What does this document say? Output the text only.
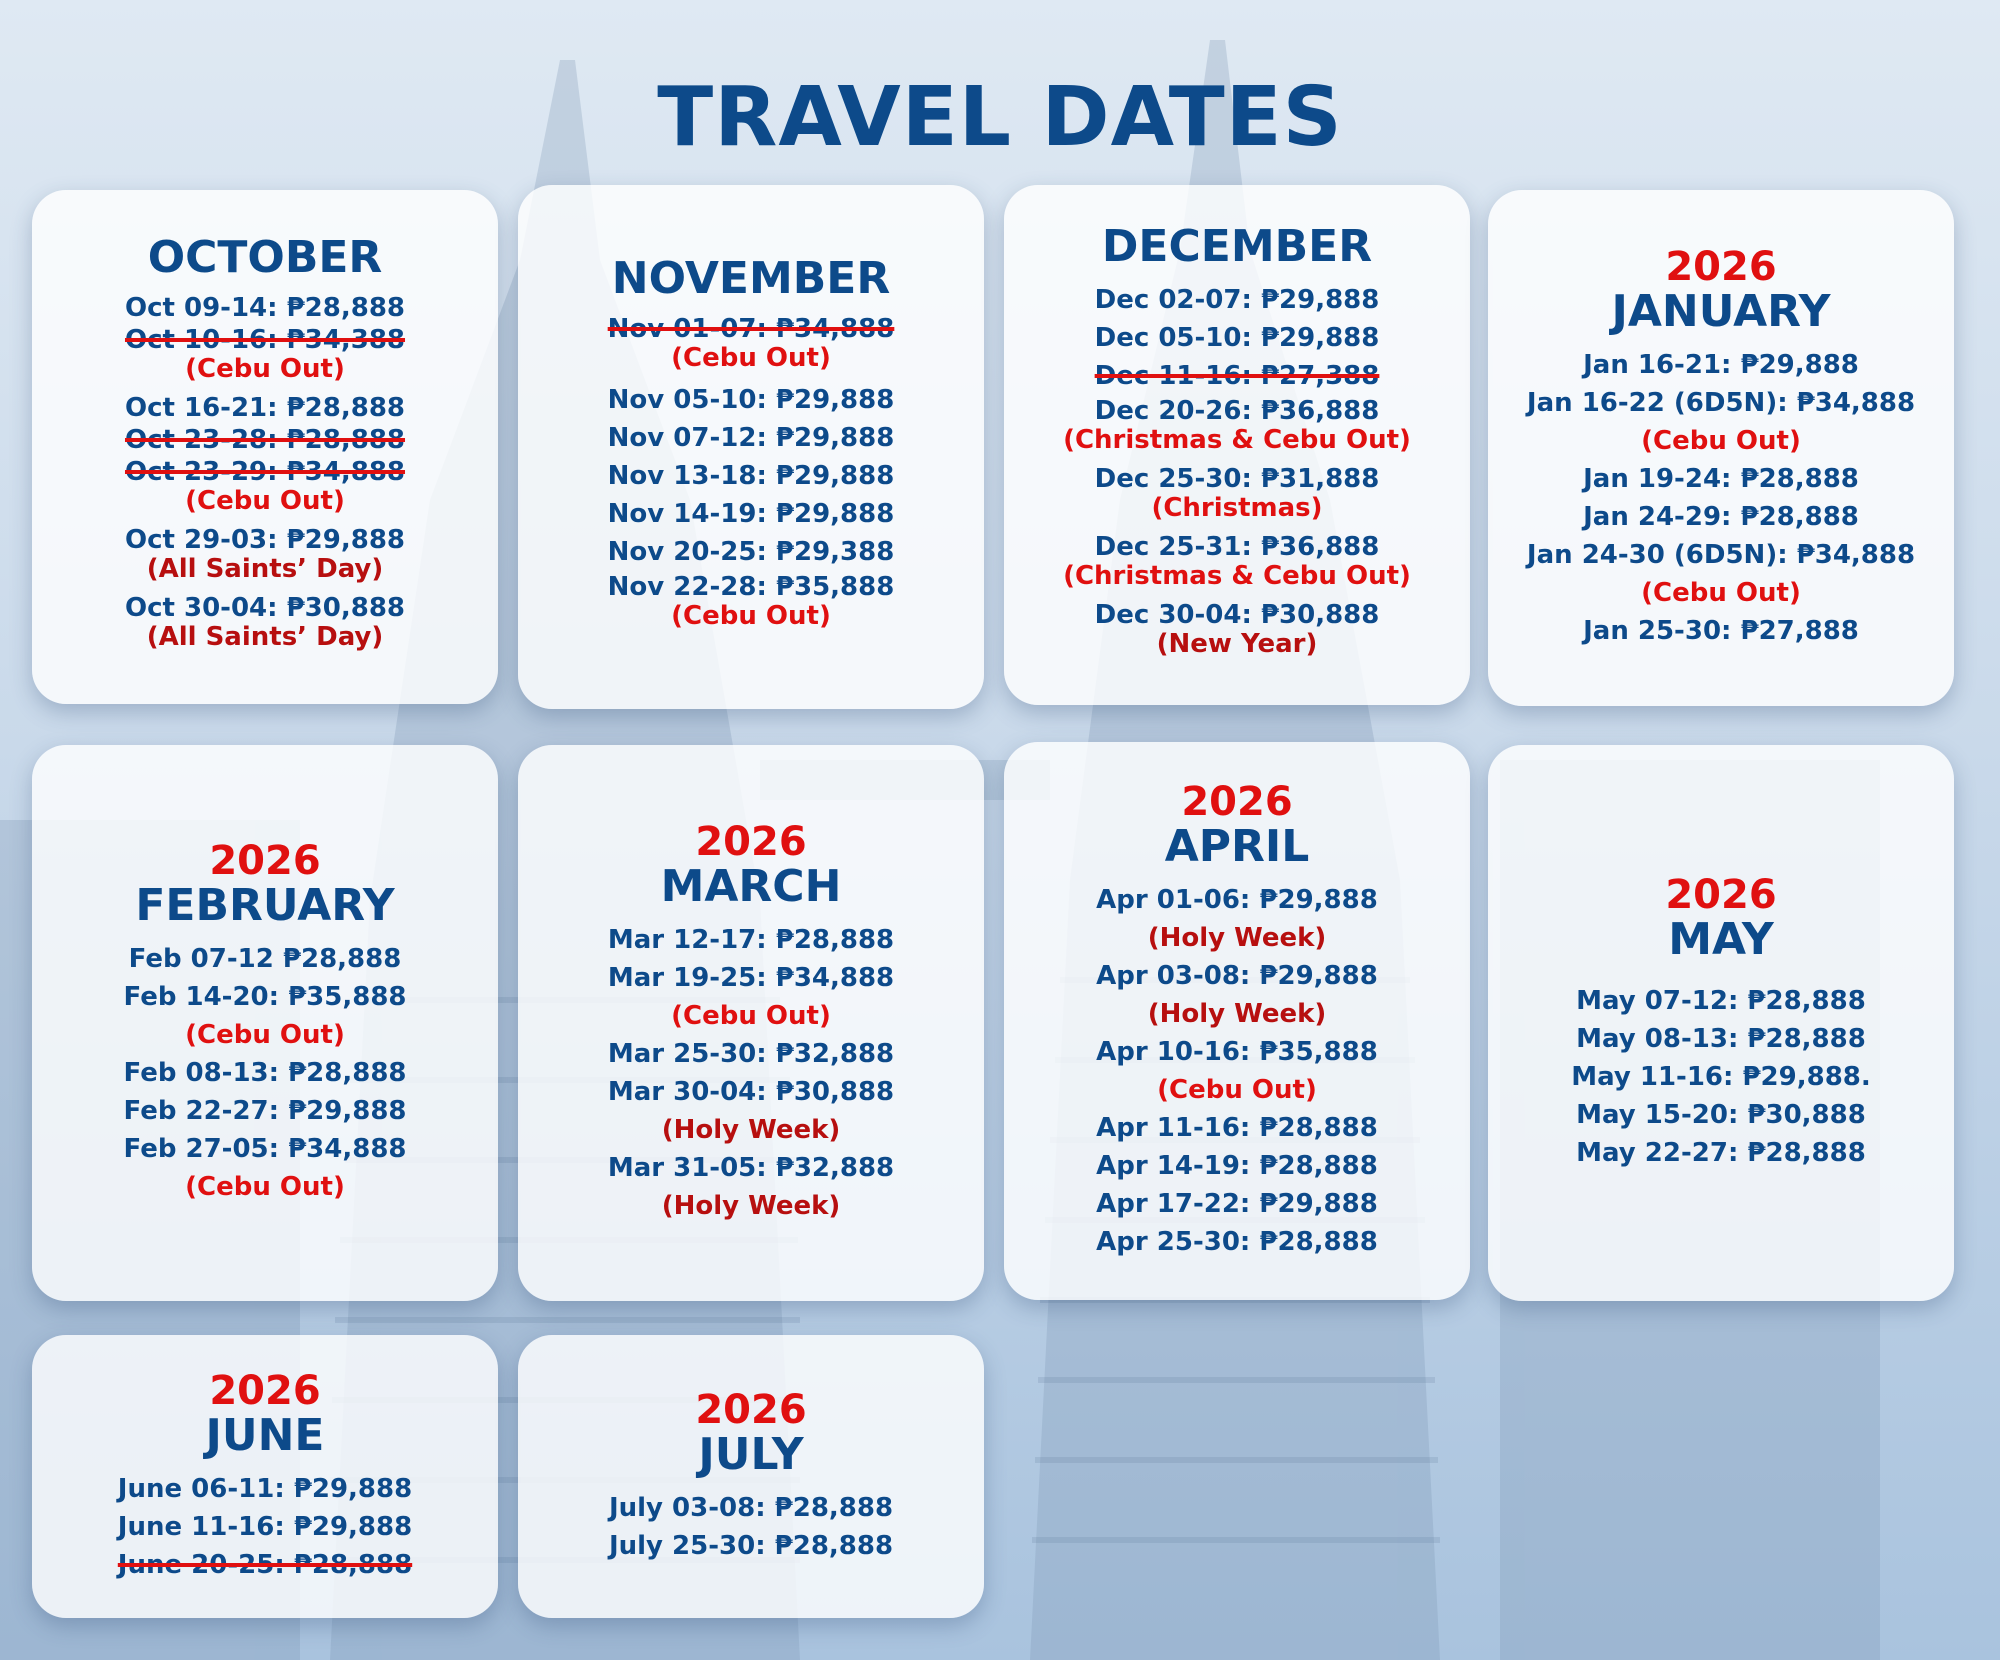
TRAVEL DATES
OCTOBER
Oct 09-14: ₱28,888
Oct 10-16: ₱34,388
(Cebu Out)
Oct 16-21: ₱28,888
Oct 23-28: ₱28,888
Oct 23-29: ₱34,888
(Cebu Out)
Oct 29-03: ₱29,888
(All Saints’ Day)
Oct 30-04: ₱30,888
(All Saints’ Day)
NOVEMBER
Nov 01-07: ₱34,888
(Cebu Out)
Nov 05-10: ₱29,888
Nov 07-12: ₱29,888
Nov 13-18: ₱29,888
Nov 14-19: ₱29,888
Nov 20-25: ₱29,388
Nov 22-28: ₱35,888
(Cebu Out)
DECEMBER
Dec 02-07: ₱29,888
Dec 05-10: ₱29,888
Dec 11-16: ₱27,388
Dec 20-26: ₱36,888
(Christmas & Cebu Out)
Dec 25-30: ₱31,888
(Christmas)
Dec 25-31: ₱36,888
(Christmas & Cebu Out)
Dec 30-04: ₱30,888
(New Year)
2026
JANUARY
Jan 16-21: ₱29,888
Jan 16-22 (6D5N): ₱34,888
(Cebu Out)
Jan 19-24: ₱28,888
Jan 24-29: ₱28,888
Jan 24-30 (6D5N): ₱34,888
(Cebu Out)
Jan 25-30: ₱27,888
2026
FEBRUARY
Feb 07-12 ₱28,888
Feb 14-20: ₱35,888
(Cebu Out)
Feb 08-13: ₱28,888
Feb 22-27: ₱29,888
Feb 27-05: ₱34,888
(Cebu Out)
2026
MARCH
Mar 12-17: ₱28,888
Mar 19-25: ₱34,888
(Cebu Out)
Mar 25-30: ₱32,888
Mar 30-04: ₱30,888
(Holy Week)
Mar 31-05: ₱32,888
(Holy Week)
2026
APRIL
Apr 01-06: ₱29,888
(Holy Week)
Apr 03-08: ₱29,888
(Holy Week)
Apr 10-16: ₱35,888
(Cebu Out)
Apr 11-16: ₱28,888
Apr 14-19: ₱28,888
Apr 17-22: ₱29,888
Apr 25-30: ₱28,888
2026
MAY
May 07-12: ₱28,888
May 08-13: ₱28,888
May 11-16: ₱29,888.
May 15-20: ₱30,888
May 22-27: ₱28,888
2026
JUNE
June 06-11: ₱29,888
June 11-16: ₱29,888
June 20-25: ₱28,888
2026
JULY
July 03-08: ₱28,888
July 25-30: ₱28,888
